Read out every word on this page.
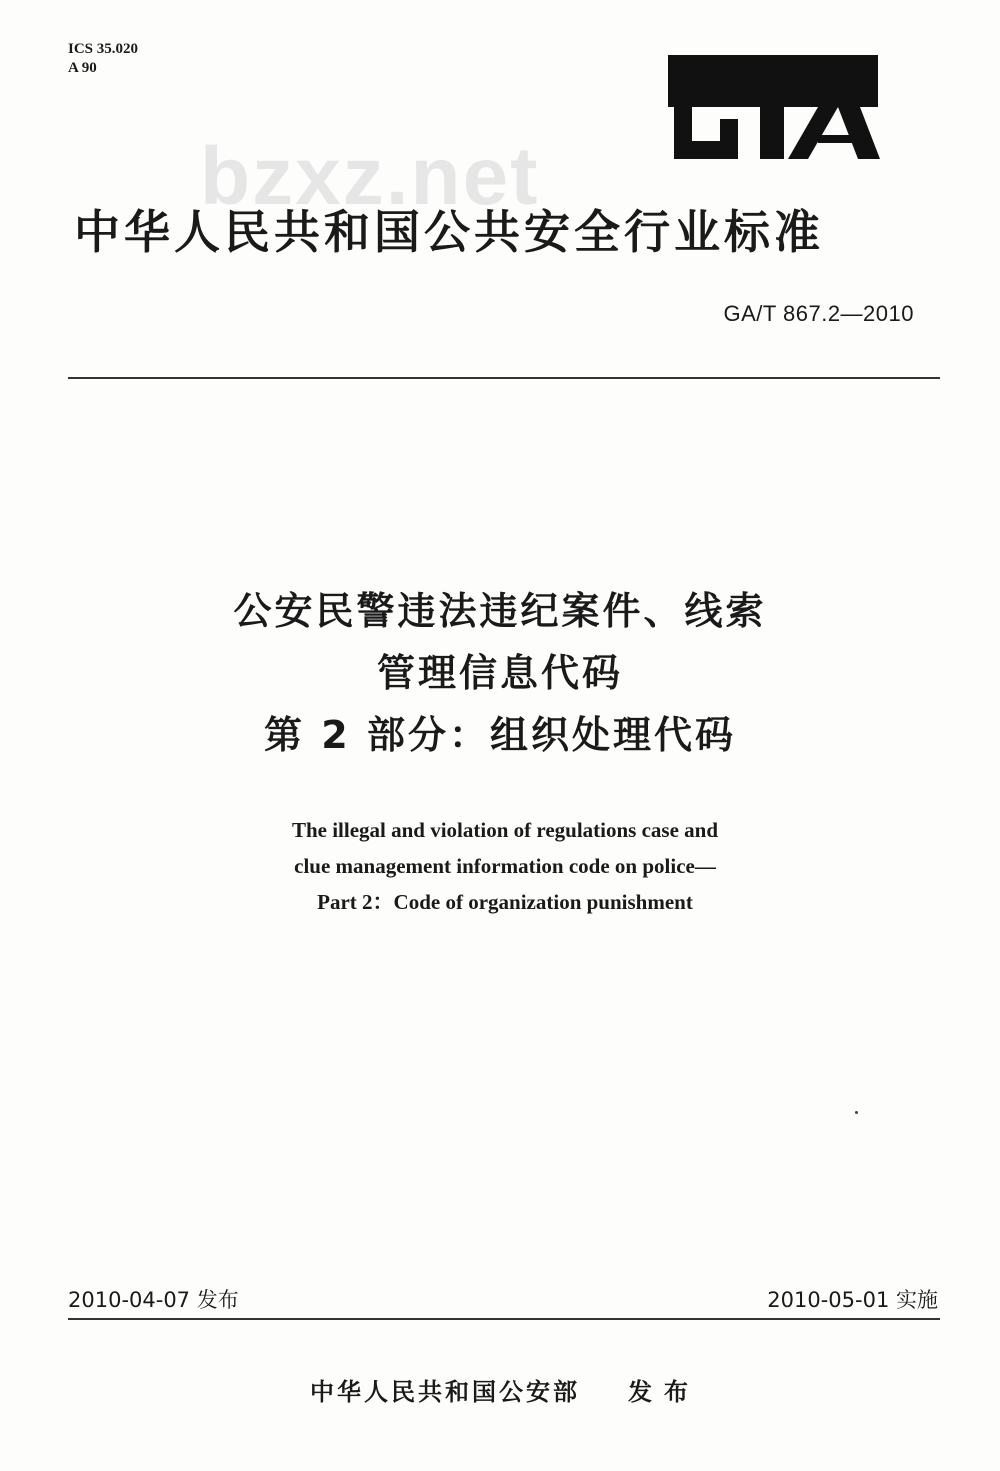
ICS 35.020
A 90
bzxz.net
中华人民共和国公共安全行业标准
GA/T 867.2—2010
公安民警违法违纪案件、线索
管理信息代码
第 2 部分：组织处理代码
The illegal and violation of regulations case and
clue management information code on police—
Part 2：Code of organization punishment
2010-04-07 发布	2010-05-01 实施
中华人民共和国公安部 发布
